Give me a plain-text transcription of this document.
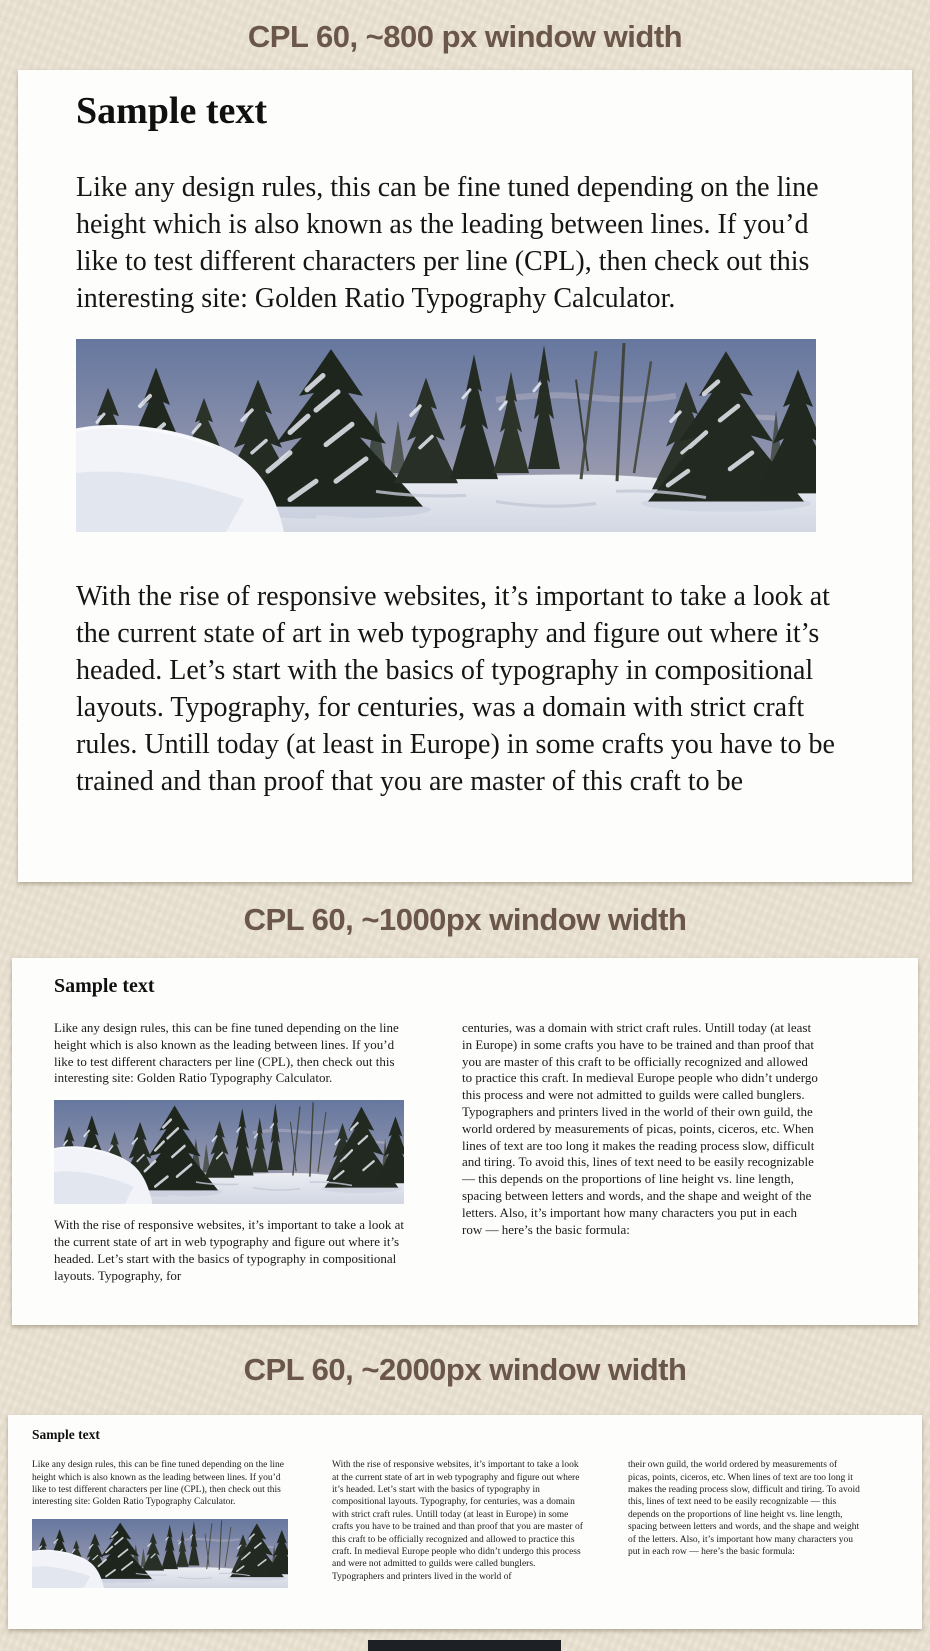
CPL 60, ~800 px window width
Sample text

Like any design rules, this can be fine tuned depending on the line height which is also known as the leading between lines. If you’d like to test different characters per line (CPL), then check out this interesting site: Golden Ratio Typography Calculator.

With the rise of responsive websites, it’s important to take a look at the current state of art in web typography and figure out where it’s headed. Let’s start with the basics of typography in compositional layouts. Typography, for centuries, was a domain with strict craft rules. Untill today (at least in Europe) in some crafts you have to be trained and than proof that you are master of this craft to be

CPL 60, ~1000px window width
Sample text

Like any design rules, this can be fine tuned depending on the line height which is also known as the leading between lines. If you’d like to test different characters per line (CPL), then check out this interesting site: Golden Ratio Typography Calculator.

With the rise of responsive websites, it’s important to take a look at the current state of art in web typography and figure out where it’s headed. Let’s start with the basics of typography in compositional layouts. Typography, for

centuries, was a domain with strict craft rules. Untill today (at least in Europe) in some crafts you have to be trained and than proof that you are master of this craft to be officially recognized and allowed to practice this craft. In medieval Europe people who didn’t undergo this process and were not admitted to guilds were called bunglers. Typographers and printers lived in the world of their own guild, the world ordered by measurements of picas, points, ciceros, etc. When lines of text are too long it makes the reading process slow, difficult and tiring. To avoid this, lines of text need to be easily recognizable — this depends on the proportions of line height vs. line length, spacing between letters and words, and the shape and weight of the letters. Also, it’s important how many characters you put in each row — here’s the basic formula:

CPL 60, ~2000px window width
Sample text

Like any design rules, this can be fine tuned depending on the line height which is also known as the leading between lines. If you’d like to test different characters per line (CPL), then check out this interesting site: Golden Ratio Typography Calculator.

With the rise of responsive websites, it’s important to take a look at the current state of art in web typography and figure out where it’s headed. Let’s start with the basics of typography in compositional layouts. Typography, for centuries, was a domain with strict craft rules. Untill today (at least in Europe) in some crafts you have to be trained and than proof that you are master of this craft to be officially recognized and allowed to practice this craft. In medieval Europe people who didn’t undergo this process and were not admitted to guilds were called bunglers. Typographers and printers lived in the world of

their own guild, the world ordered by measurements of picas, points, ciceros, etc. When lines of text are too long it makes the reading process slow, difficult and tiring. To avoid this, lines of text need to be easily recognizable — this depends on the proportions of line height vs. line length, spacing between letters and words, and the shape and weight of the letters. Also, it’s important how many characters you put in each row — here’s the basic formula:
